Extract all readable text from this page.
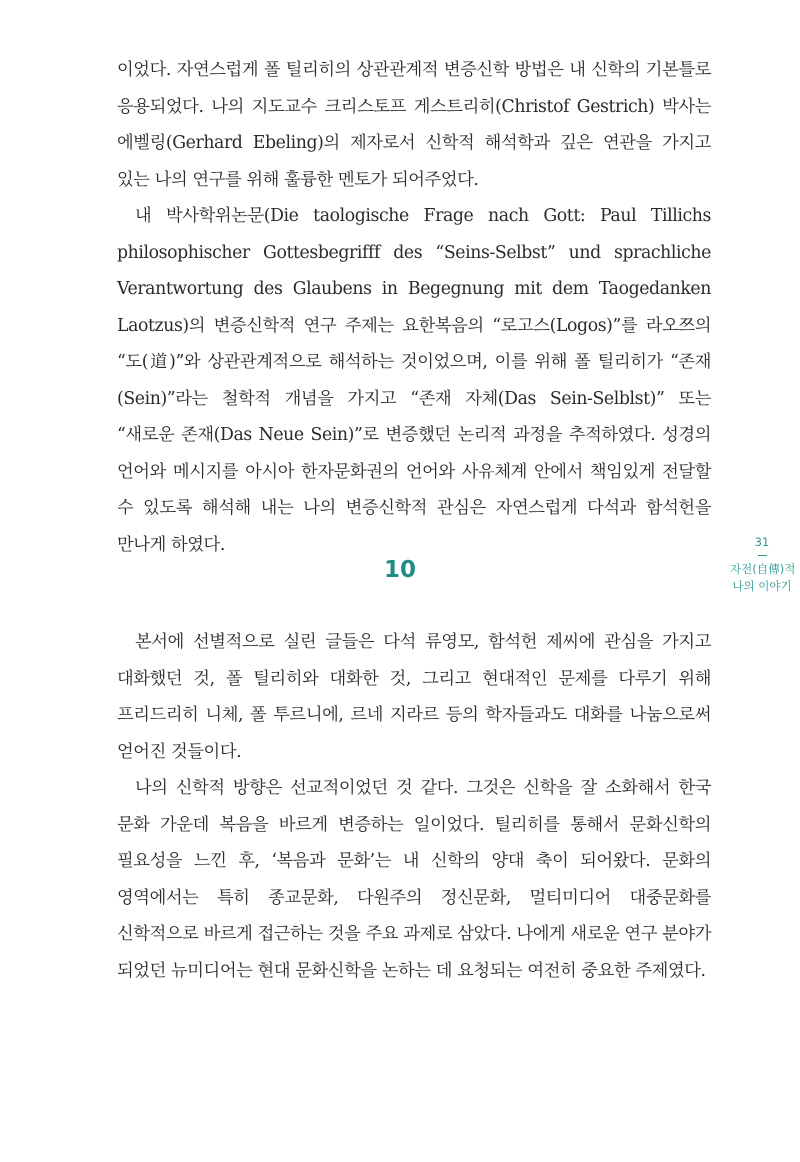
이었다. 자연스럽게 폴 틸리히의 상관관계적 변증신학 방법은 내 신학의 기본틀로 응용되었다. 나의 지도교수 크리스토프 게스트리히(Christof Gestrich) 박사는 에벨링(Gerhard Ebeling)의 제자로서 신학적 해석학과 깊은 연관을 가지고 있는 나의 연구를 위해 훌륭한 멘토가 되어주었다.

내 박사학위논문(Die taologische Frage nach Gott: Paul Tillichs philosophischer Gottesbegrifff des “Seins-Selbst” und sprachliche Verantwortung des Glaubens in Begegnung mit dem Taogedanken Laotzus)의 변증신학적 연구 주제는 요한복음의 “로고스(Logos)”를 라오쯔의 “도(道)”와 상관관계적으로 해석하는 것이었으며, 이를 위해 폴 틸리히가 “존재(Sein)”라는 철학적 개념을 가지고 “존재 자체(Das Sein-Selblst)” 또는 “새로운 존재(Das Neue Sein)”로 변증했던 논리적 과정을 추적하였다. 성경의 언어와 메시지를 아시아 한자문화권의 언어와 사유체계 안에서 책임있게 전달할 수 있도록 해석해 내는 나의 변증신학적 관심은 자연스럽게 다석과 함석헌을 만나게 하였다.

10
31
자전(自傳)적
나의 이야기

본서에 선별적으로 실린 글들은 다석 류영모, 함석헌 제씨에 관심을 가지고 대화했던 것, 폴 틸리히와 대화한 것, 그리고 현대적인 문제를 다루기 위해 프리드리히 니체, 폴 투르니에, 르네 지라르 등의 학자들과도 대화를 나눔으로써 얻어진 것들이다.

나의 신학적 방향은 선교적이었던 것 같다. 그것은 신학을 잘 소화해서 한국 문화 가운데 복음을 바르게 변증하는 일이었다. 틸리히를 통해서 문화신학의 필요성을 느낀 후, ‘복음과 문화’는 내 신학의 양대 축이 되어왔다. 문화의 영역에서는 특히 종교문화, 다원주의 정신문화, 멀티미디어 대중문화를 신학적으로 바르게 접근하는 것을 주요 과제로 삼았다. 나에게 새로운 연구 분야가 되었던 뉴미디어는 현대 문화신학을 논하는 데 요청되는 여전히 중요한 주제였다.
